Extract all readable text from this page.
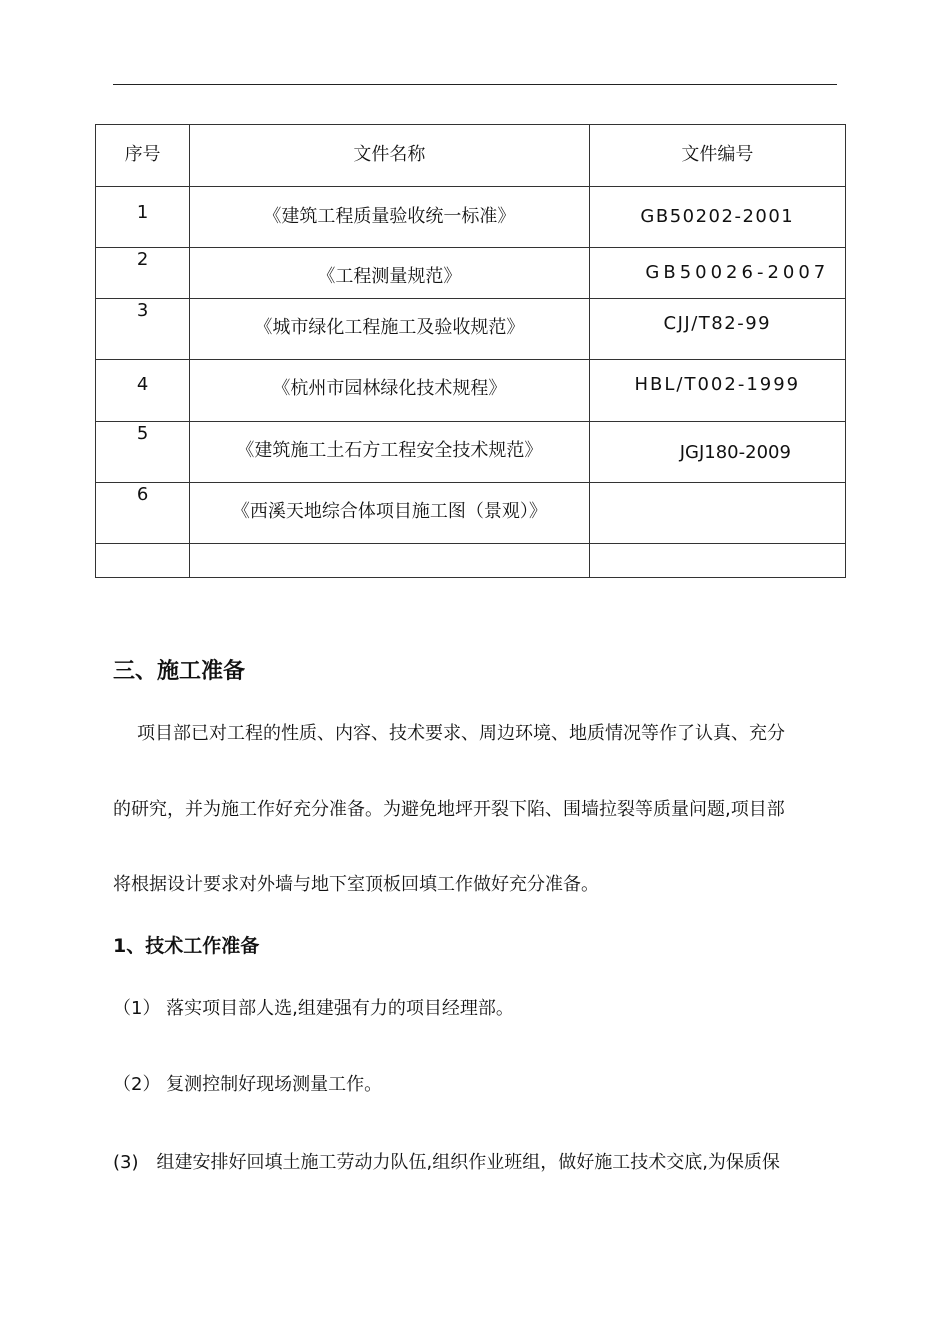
序号	文件名称	文件编号

1	《建筑工程质量验收统一标准》	GB50202-2001

2	《工程测量规范》	GB50026-2007

3	《城市绿化工程施工及验收规范》	CJJ/T82-99

4	《杭州市园林绿化技术规程》	HBL/T002-1999

5	《建筑施工土石方工程安全技术规范》	JGJ180-2009

6	《西溪天地综合体项目施工图（景观）》	

三、施工准备
项目部已对工程的性质、内容、技术要求、周边环境、地质情况等作了认真、充分
的研究，并为施工作好充分准备。为避免地坪开裂下陷、围墙拉裂等质量问题,项目部
将根据设计要求对外墙与地下室顶板回填工作做好充分准备。
1、技术工作准备
（1） 落实项目部人选,组建强有力的项目经理部。
（2） 复测控制好现场测量工作。
(3)　组建安排好回填土施工劳动力队伍,组织作业班组，做好施工技术交底,为保质保
